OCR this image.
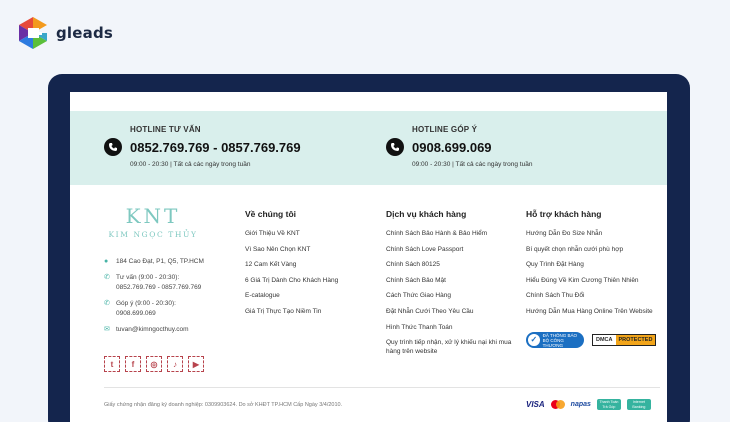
gleads
HOTLINE TƯ VẤN
0852.769.769 - 0857.769.769
09:00 - 20:30 | Tất cả các ngày trong tuần
HOTLINE GÓP Ý
0908.699.069
09:00 - 20:30 | Tất cả các ngày trong tuần
KNT
KIM NGỌC THỦY
●	184 Cao Đạt, P1, Q5, TP.HCM
✆ Tư vấn (9:00 - 20:30):
0852.769.769 - 0857.769.769
✆ Góp ý (9:00 - 20:30):
0908.699.069
✉ tuvan@kimngocthuy.com
t	f	◎	♪	▶
Về chúng tôi
Giới Thiệu Về KNT
Vì Sao Nên Chọn KNT
12 Cam Kết Vàng
6 Giá Trị Dành Cho Khách Hàng
E-catalogue
Giá Trị Thực Tạo Niềm Tin
Dịch vụ khách hàng
Chính Sách Bảo Hành & Bảo Hiểm
Chính Sách Love Passport
Chính Sách 80125
Chính Sách Bảo Mật
Cách Thức Giao Hàng
Đặt Nhẫn Cưới Theo Yêu Cầu
Hình Thức Thanh Toán
Quy trình tiếp nhận, xử lý khiếu nại khi mua hàng trên website
Hỗ trợ khách hàng
Hướng Dẫn Đo Size Nhẫn
Bí quyết chọn nhẫn cưới phù hợp
Quy Trình Đặt Hàng
Hiểu Đúng Về Kim Cương Thiên Nhiên
Chính Sách Thu Đổi
Hướng Dẫn Mua Hàng Online Trên Website
✓	ĐÃ THÔNG BÁO
BỘ CÔNG THƯƠNG
DMCA	PROTECTED
Giấy chứng nhận đăng ký doanh nghiệp: 0309903624. Do sở KHĐT TP.HCM Cấp Ngày 3/4/2010.	VISA	napas	Thanh Toán Trả Góp
Internet Banking
